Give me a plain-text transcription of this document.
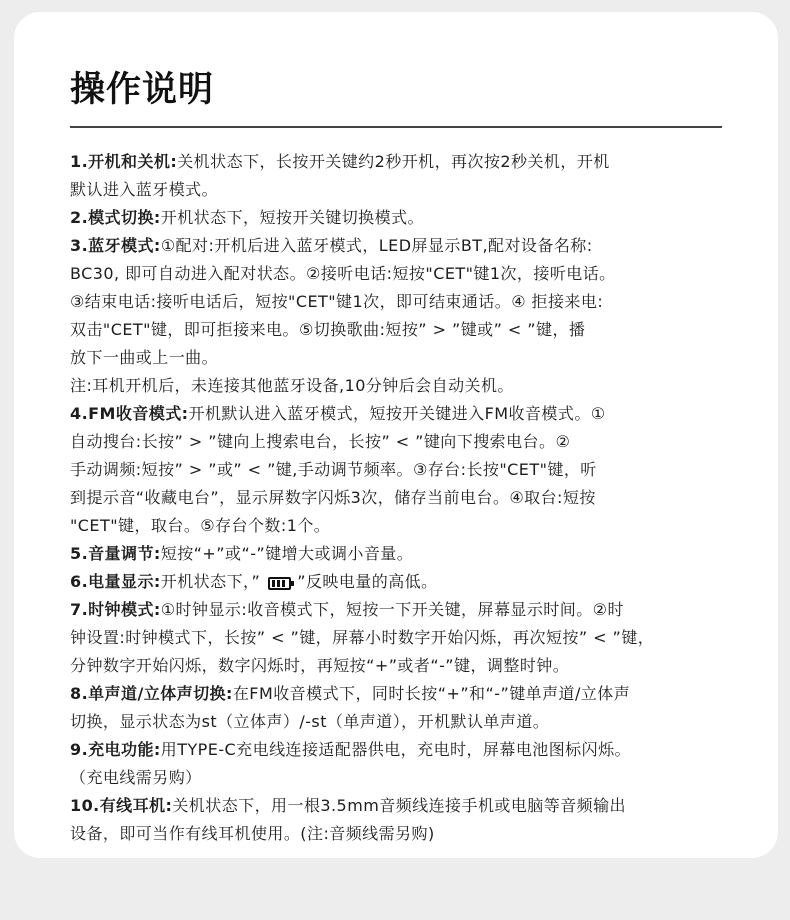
操作说明
1.开机和关机:关机状态下，长按开关键约2秒开机，再次按2秒关机，开机
默认进入蓝牙模式。
2.模式切换:开机状态下，短按开关键切换模式。
3.蓝牙模式:①配对:开机后进入蓝牙模式，LED屏显示BT,配对设备名称:
BC30, 即可自动进入配对状态。②接听电话:短按"CET"键1次，接听电话。
③结束电话:接听电话后，短按"CET"键1次，即可结束通话。④ 拒接来电:
双击"CET"键，即可拒接来电。⑤切换歌曲:短按” > ”键或” < ”键，播
放下一曲或上一曲。
注:耳机开机后，未连接其他蓝牙设备,10分钟后会自动关机。
4.FM收音模式:开机默认进入蓝牙模式，短按开关键进入FM收音模式。①
自动搜台:长按” > ”键向上搜索电台，长按” < ”键向下搜索电台。②
手动调频:短按” > ”或” < ”键,手动调节频率。③存台:长按"CET"键，听
到提示音“收藏电台”，显示屏数字闪烁3次，储存当前电台。④取台:短按
"CET"键，取台。⑤存台个数:1个。
5.音量调节:短按“+”或“-”键增大或调小音量。
6.电量显示:开机状态下，” ”反映电量的高低。
7.时钟模式:①时钟显示:收音模式下，短按一下开关键，屏幕显示时间。②时
钟设置:时钟模式下，长按” < ”键，屏幕小时数字开始闪烁，再次短按” < ”键，
分钟数字开始闪烁，数字闪烁时，再短按“+”或者“-”键，调整时钟。
8.单声道/立体声切换:在FM收音模式下，同时长按“+”和“-”键单声道/立体声
切换，显示状态为st（立体声）/-st（单声道），开机默认单声道。
9.充电功能:用TYPE-C充电线连接适配器供电，充电时，屏幕电池图标闪烁。
（充电线需另购）
10.有线耳机:关机状态下，用一根3.5mm音频线连接手机或电脑等音频输出
设备，即可当作有线耳机使用。(注:音频线需另购)
